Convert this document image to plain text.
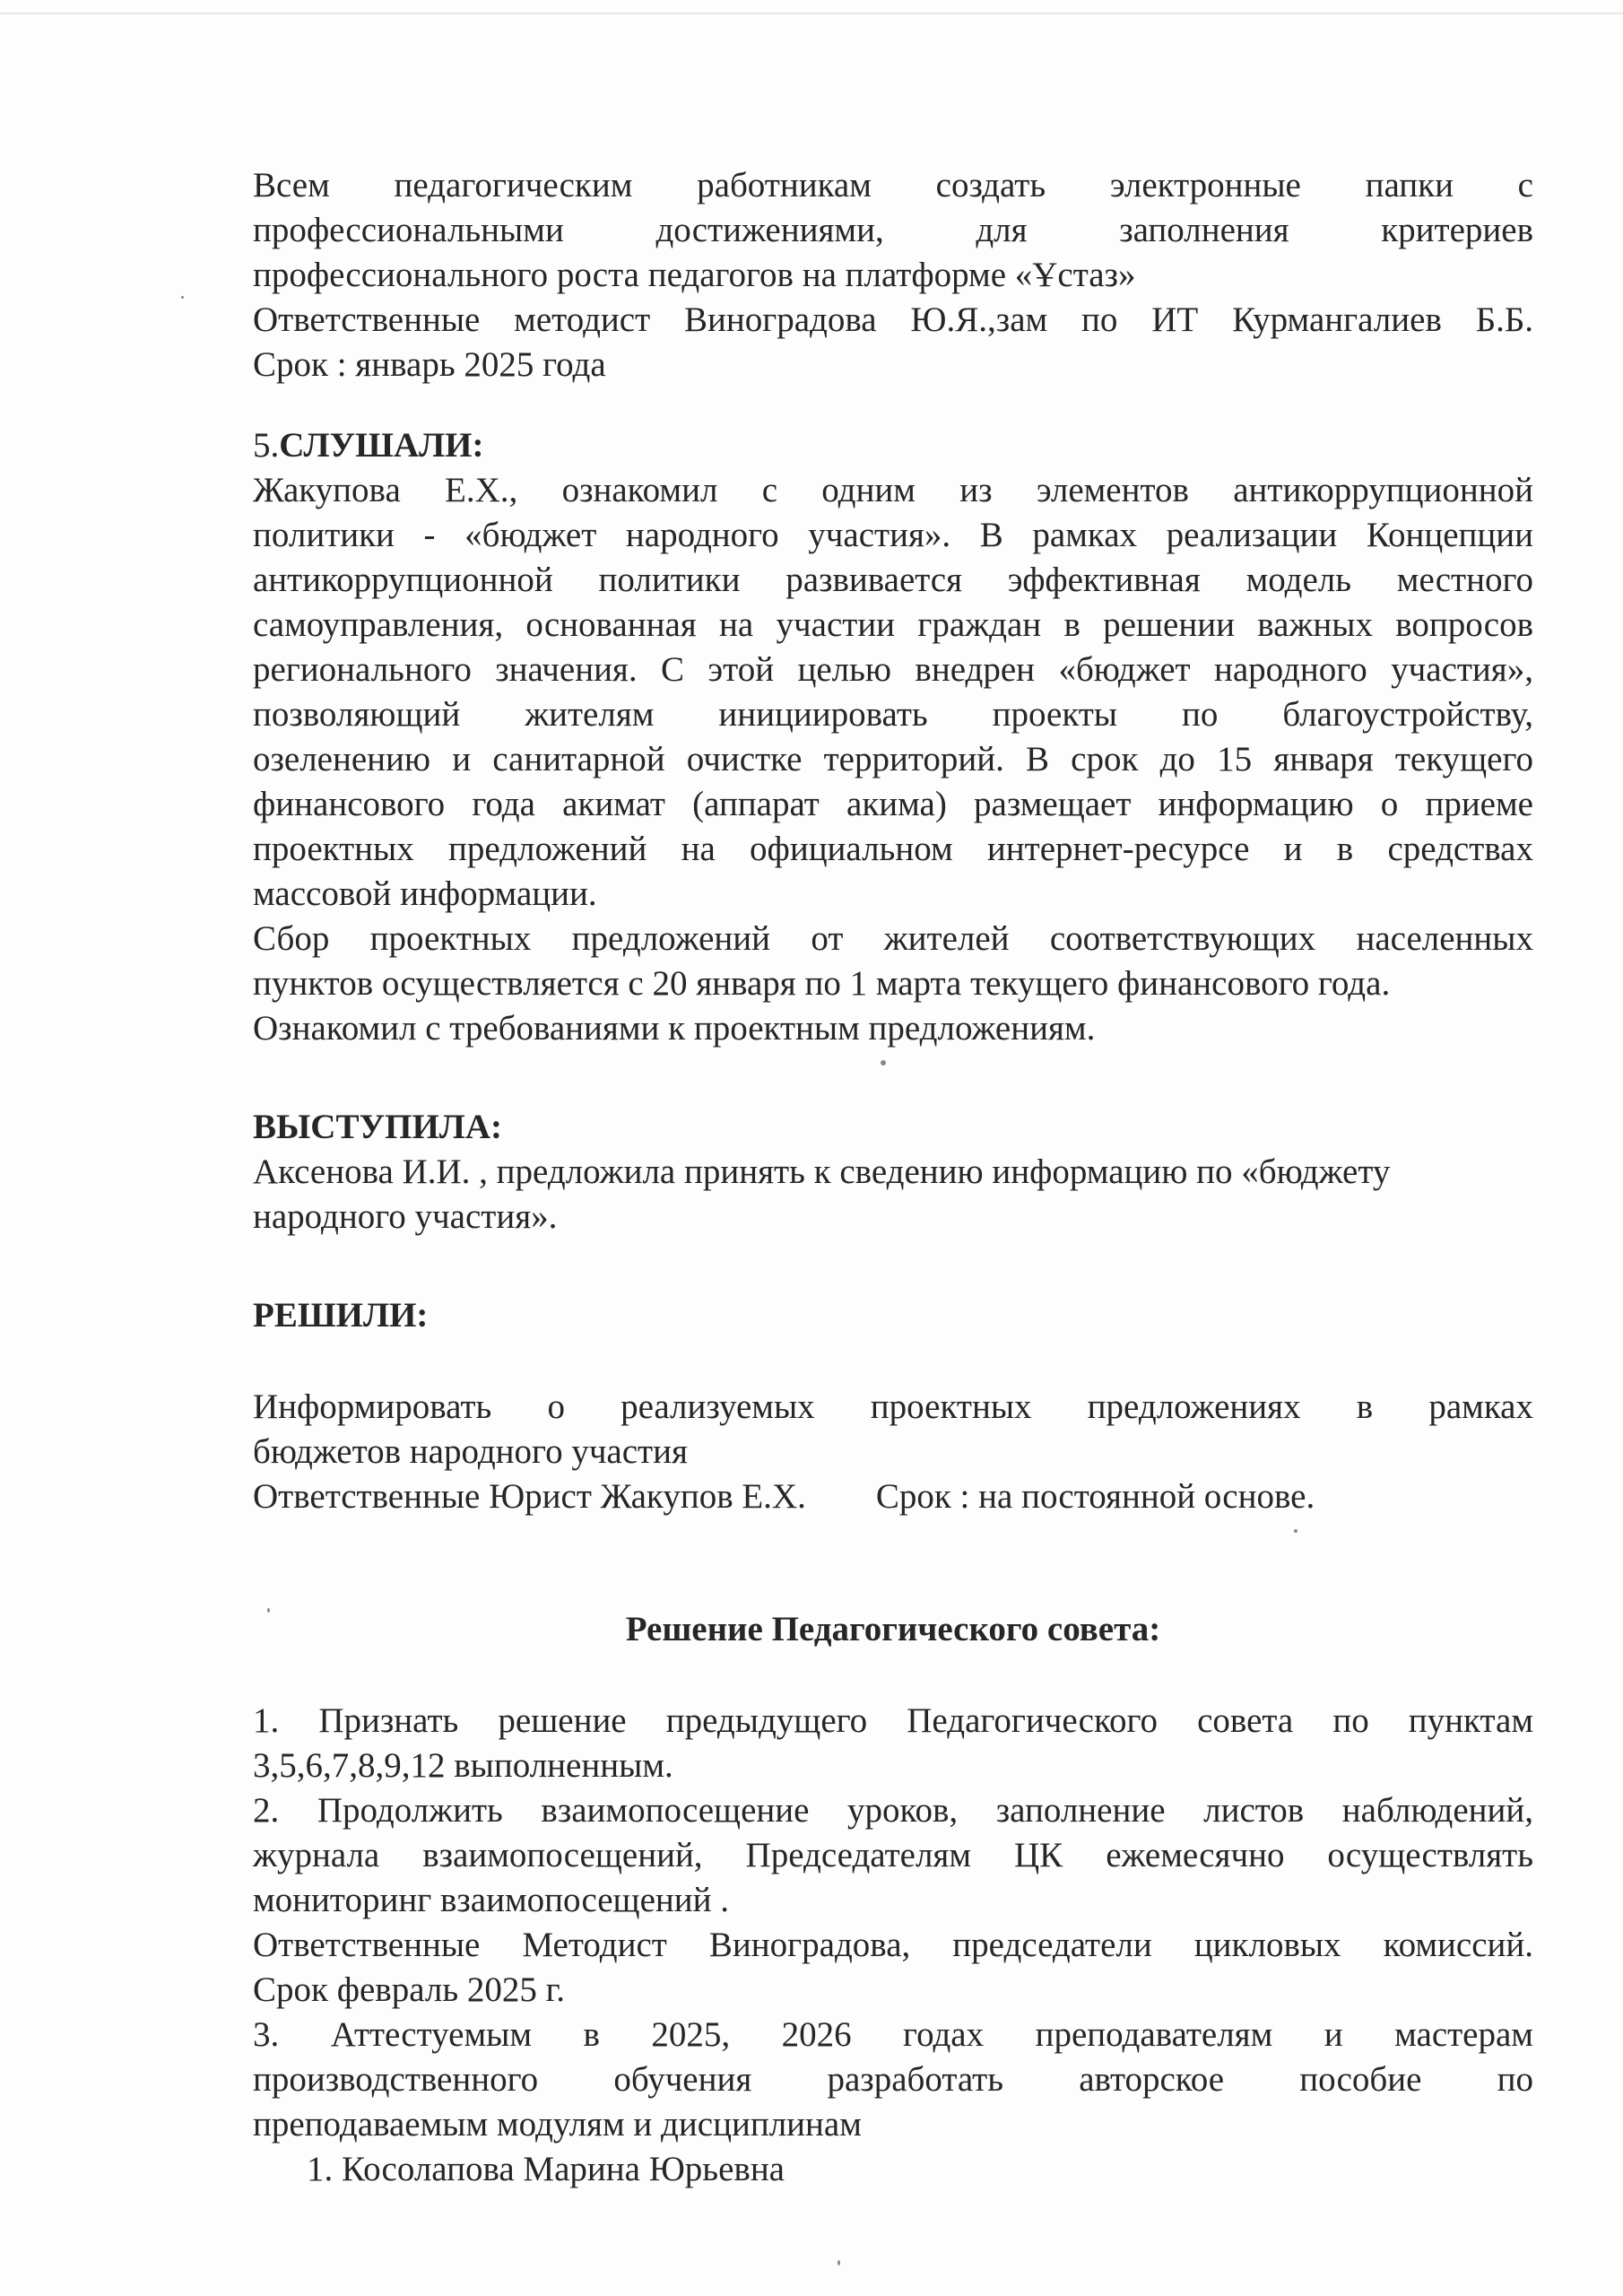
Всем педагогическим работникам создать электронные папки с
профессиональными достижениями, для заполнения критериев
профессионального роста педагогов на платформе «Ұстаз»
Ответственные методист Виноградова Ю.Я.,зам по ИТ Курмангалиев Б.Б.
Срок : январь 2025 года

5.СЛУШАЛИ:

Жакупова Е.Х., ознакомил с одним из элементов антикоррупционной
политики - «бюджет народного участия». В рамках реализации Концепции
антикоррупционной политики развивается эффективная модель местного
самоуправления, основанная на участии граждан в решении важных вопросов
регионального значения. С этой целью внедрен «бюджет народного участия»,
позволяющий жителям инициировать проекты по благоустройству,
озеленению и санитарной очистке территорий. В срок до 15 января текущего
финансового года акимат (аппарат акима) размещает информацию о приеме
проектных предложений на официальном интернет-ресурсе и в средствах
массовой информации.
Сбор проектных предложений от жителей соответствующих населенных
пунктов осуществляется с 20 января по 1 марта текущего финансового года.
Ознакомил с требованиями к проектным предложениям.

ВЫСТУПИЛА:

Аксенова И.И. , предложила принять к сведению информацию по «бюджету
народного участия».

РЕШИЛИ:

Информировать о реализуемых проектных предложениях в рамках
бюджетов народного участия
Ответственные Юрист Жакупов Е.Х. Срок : на постоянной основе.

Решение Педагогического совета:

1. Признать решение предыдущего Педагогического совета по пунктам
3,5,6,7,8,9,12 выполненным.
2. Продолжить взаимопосещение уроков, заполнение листов наблюдений,
журнала взаимопосещений, Председателям ЦК ежемесячно осуществлять
мониторинг взаимопосещений .
Ответственные Методист Виноградова, председатели цикловых комиссий.
Срок февраль 2025 г.
3. Аттестуемым в 2025, 2026 годах преподавателям и мастерам
производственного обучения разработать авторское пособие по
преподаваемым модулям и дисциплинам
1. Косолапова Марина Юрьевна
